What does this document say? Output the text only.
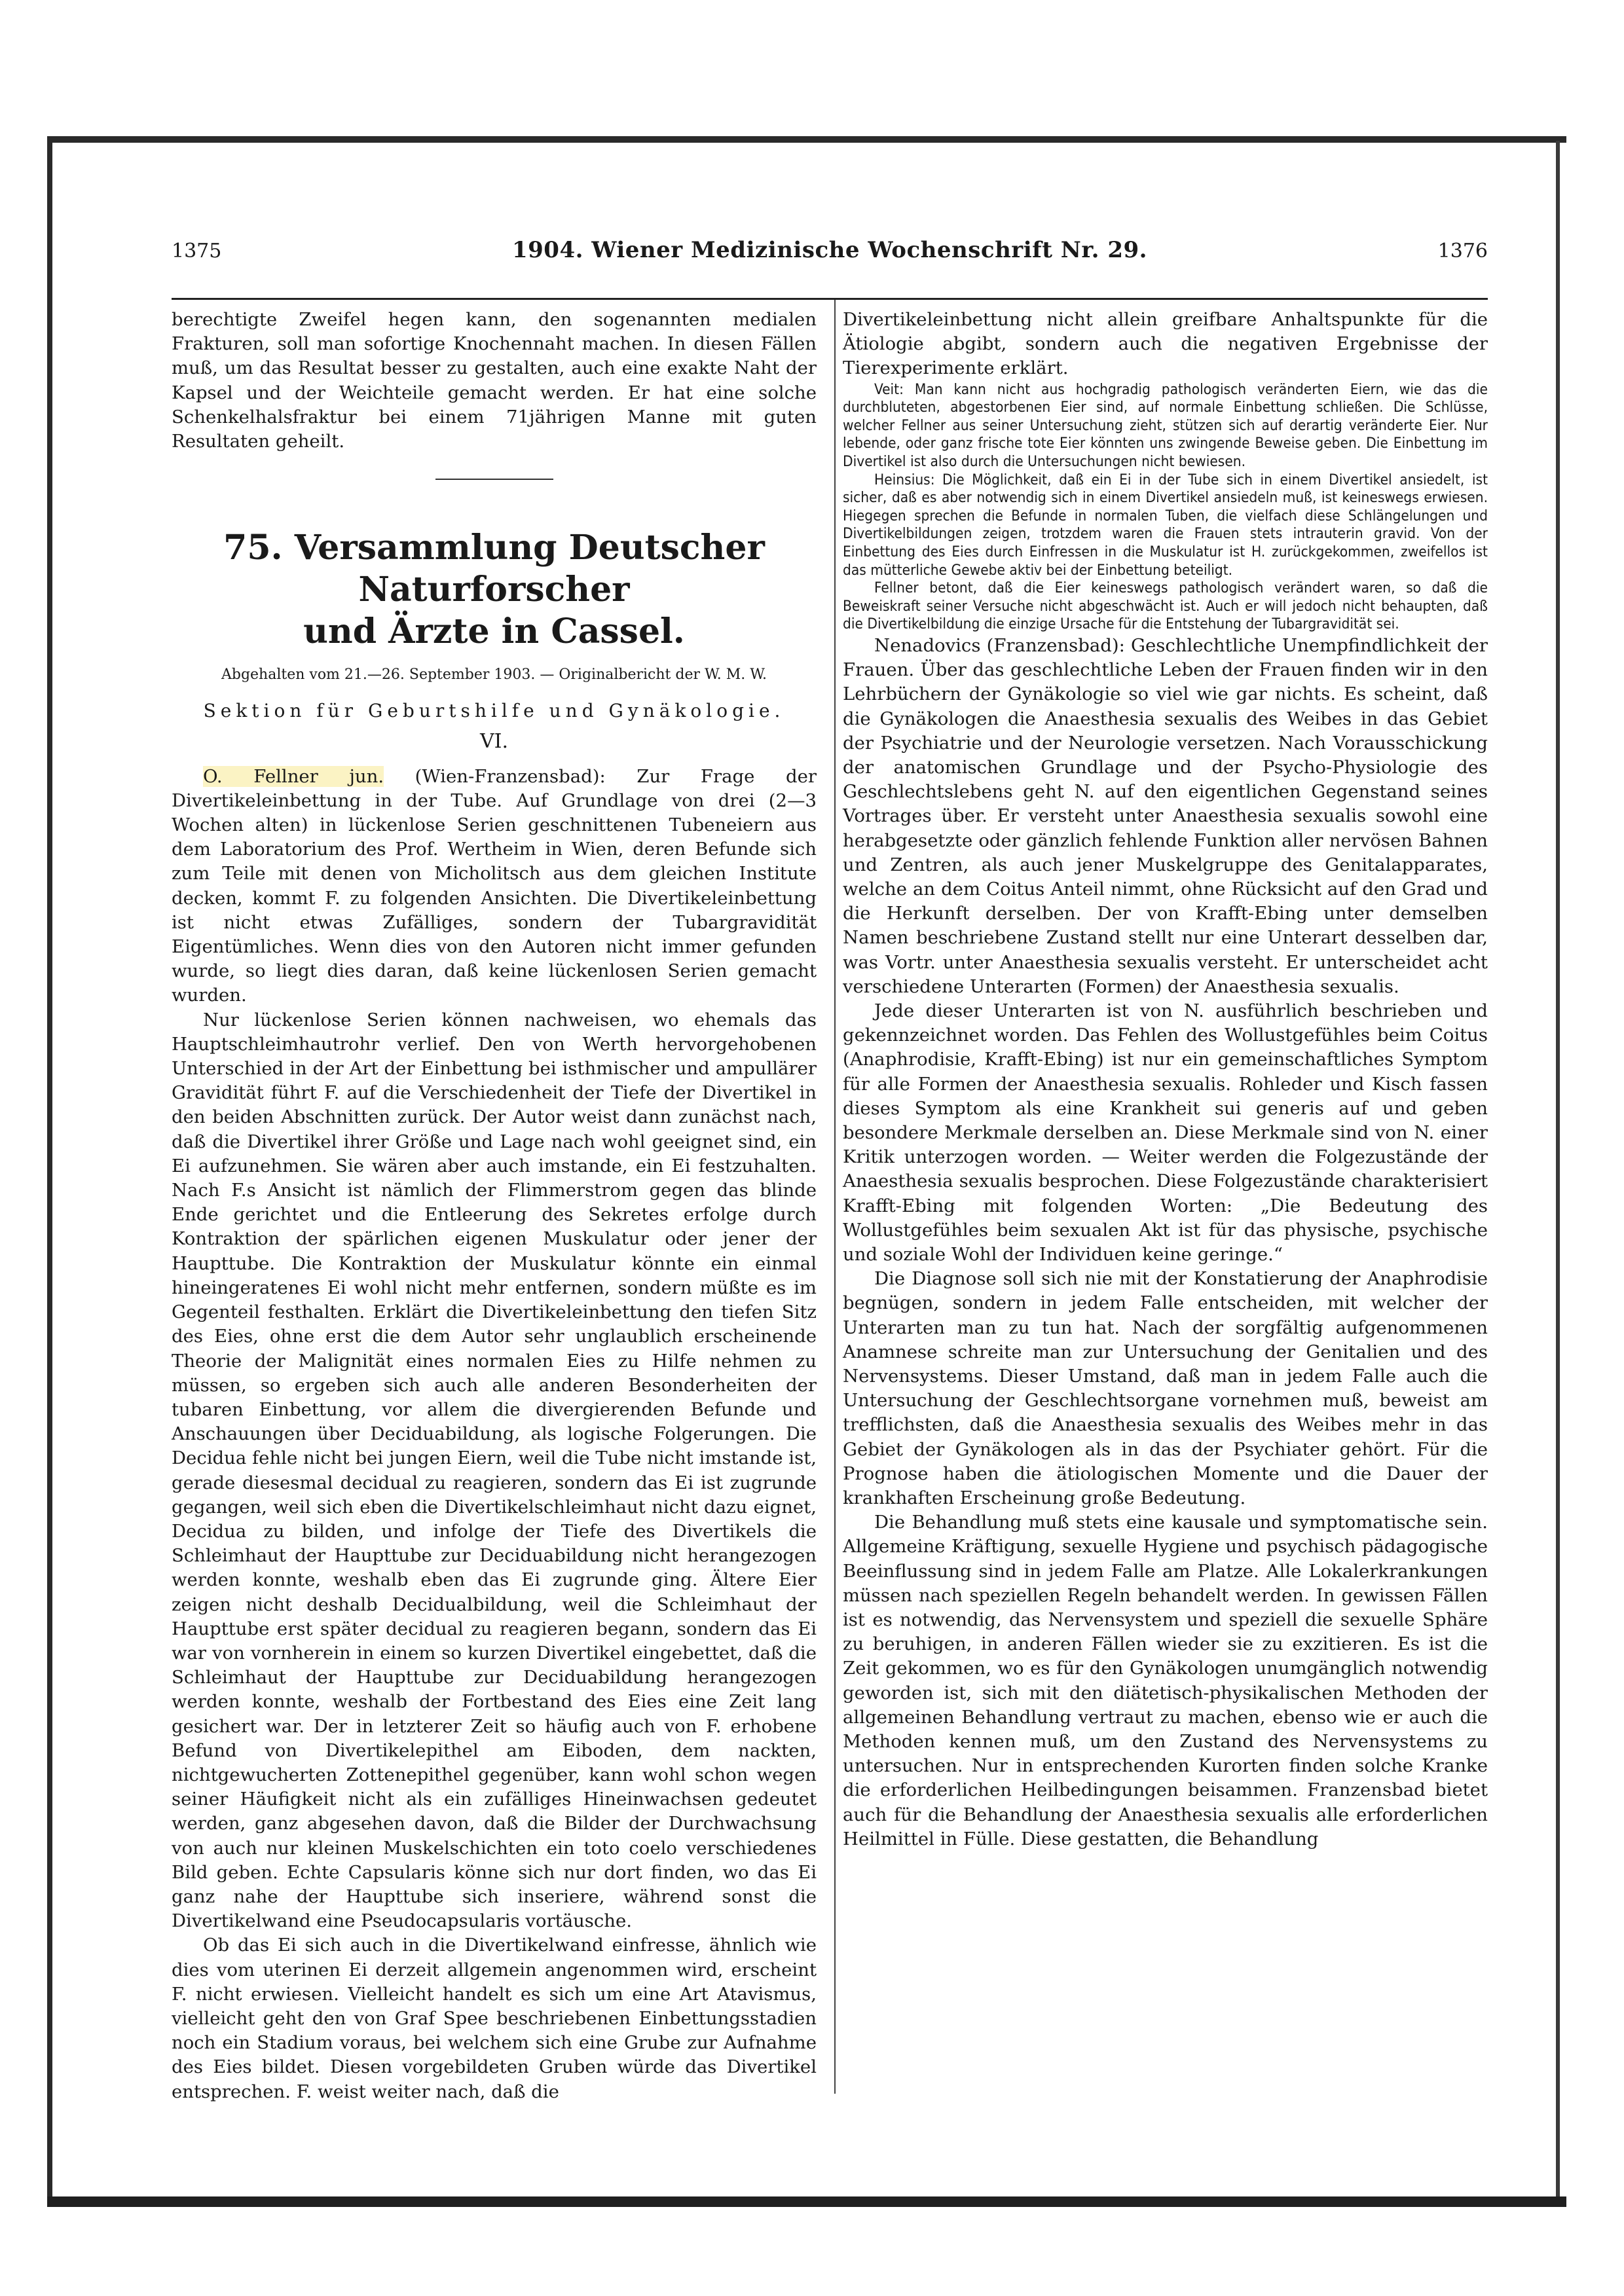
1375	1904. Wiener Medizinische Wochenschrift Nr. 29.	1376

berechtigte Zweifel hegen kann, den sogenannten medialen Frakturen, soll man sofortige Knochennaht machen. In diesen Fällen muß, um das Resultat besser zu gestalten, auch eine exakte Naht der Kapsel und der Weichteile gemacht werden. Er hat eine solche Schenkelhalsfraktur bei einem 71jährigen Manne mit guten Resultaten geheilt.

75. Versammlung Deutscher Naturforscher
und Ärzte in Cassel.
Abgehalten vom 21.—26. September 1903. — Originalbericht der W. M. W.
Sektion für Geburtshilfe und Gynäkologie.
VI.

O. Fellner jun. (Wien-Franzensbad): Zur Frage der Divertikeleinbettung in der Tube. Auf Grundlage von drei (2—3 Wochen alten) in lückenlose Serien geschnittenen Tubeneiern aus dem Laboratorium des Prof. Wertheim in Wien, deren Befunde sich zum Teile mit denen von Micholitsch aus dem gleichen Institute decken, kommt F. zu folgenden Ansichten. Die Divertikeleinbettung ist nicht etwas Zufälliges, sondern der Tubargravidität Eigentümliches. Wenn dies von den Autoren nicht immer gefunden wurde, so liegt dies daran, daß keine lückenlosen Serien gemacht wurden.

Nur lückenlose Serien können nachweisen, wo ehemals das Hauptschleimhautrohr verlief. Den von Werth hervorgehobenen Unterschied in der Art der Einbettung bei isthmischer und ampullärer Gravidität führt F. auf die Verschiedenheit der Tiefe der Divertikel in den beiden Abschnitten zurück. Der Autor weist dann zunächst nach, daß die Divertikel ihrer Größe und Lage nach wohl geeignet sind, ein Ei aufzunehmen. Sie wären aber auch imstande, ein Ei festzuhalten. Nach F.s Ansicht ist nämlich der Flimmerstrom gegen das blinde Ende gerichtet und die Entleerung des Sekretes erfolge durch Kontraktion der spärlichen eigenen Muskulatur oder jener der Haupttube. Die Kontraktion der Muskulatur könnte ein einmal hineingeratenes Ei wohl nicht mehr entfernen, sondern müßte es im Gegenteil festhalten. Erklärt die Divertikeleinbettung den tiefen Sitz des Eies, ohne erst die dem Autor sehr unglaublich erscheinende Theorie der Malignität eines normalen Eies zu Hilfe nehmen zu müssen, so ergeben sich auch alle anderen Besonderheiten der tubaren Einbettung, vor allem die divergierenden Befunde und Anschauungen über Deciduabildung, als logische Folgerungen. Die Decidua fehle nicht bei jungen Eiern, weil die Tube nicht imstande ist, gerade diesesmal decidual zu reagieren, sondern das Ei ist zugrunde gegangen, weil sich eben die Divertikelschleimhaut nicht dazu eignet, Decidua zu bilden, und infolge der Tiefe des Divertikels die Schleimhaut der Haupttube zur Deciduabildung nicht herangezogen werden konnte, weshalb eben das Ei zugrunde ging. Ältere Eier zeigen nicht deshalb Decidualbildung, weil die Schleimhaut der Haupttube erst später decidual zu reagieren begann, sondern das Ei war von vornherein in einem so kurzen Divertikel eingebettet, daß die Schleimhaut der Haupttube zur Deciduabildung herangezogen werden konnte, weshalb der Fortbestand des Eies eine Zeit lang gesichert war. Der in letzterer Zeit so häufig auch von F. erhobene Befund von Divertikelepithel am Eiboden, dem nackten, nichtgewucherten Zottenepithel gegenüber, kann wohl schon wegen seiner Häufigkeit nicht als ein zufälliges Hineinwachsen gedeutet werden, ganz abgesehen davon, daß die Bilder der Durchwachsung von auch nur kleinen Muskelschichten ein toto coelo verschiedenes Bild geben. Echte Capsularis könne sich nur dort finden, wo das Ei ganz nahe der Haupttube sich inseriere, während sonst die Divertikelwand eine Pseudocapsularis vortäusche.

Ob das Ei sich auch in die Divertikelwand einfresse, ähnlich wie dies vom uterinen Ei derzeit allgemein angenommen wird, erscheint F. nicht erwiesen. Vielleicht handelt es sich um eine Art Atavismus, vielleicht geht den von Graf Spee beschriebenen Einbettungsstadien noch ein Stadium voraus, bei welchem sich eine Grube zur Aufnahme des Eies bildet. Diesen vorgebildeten Gruben würde das Divertikel entsprechen. F. weist weiter nach, daß die

Divertikeleinbettung nicht allein greifbare Anhaltspunkte für die Ätiologie abgibt, sondern auch die negativen Ergebnisse der Tierexperimente erklärt.

Veit: Man kann nicht aus hochgradig pathologisch veränderten Eiern, wie das die durchbluteten, abgestorbenen Eier sind, auf normale Einbettung schließen. Die Schlüsse, welcher Fellner aus seiner Untersuchung zieht, stützen sich auf derartig veränderte Eier. Nur lebende, oder ganz frische tote Eier könnten uns zwingende Beweise geben. Die Einbettung im Divertikel ist also durch die Untersuchungen nicht bewiesen.

Heinsius: Die Möglichkeit, daß ein Ei in der Tube sich in einem Divertikel ansiedelt, ist sicher, daß es aber notwendig sich in einem Divertikel ansiedeln muß, ist keineswegs erwiesen. Hiegegen sprechen die Befunde in normalen Tuben, die vielfach diese Schlängelungen und Divertikelbildungen zeigen, trotzdem waren die Frauen stets intrauterin gravid. Von der Einbettung des Eies durch Einfressen in die Muskulatur ist H. zurückgekommen, zweifellos ist das mütterliche Gewebe aktiv bei der Einbettung beteiligt.

Fellner betont, daß die Eier keineswegs pathologisch verändert waren, so daß die Beweiskraft seiner Versuche nicht abgeschwächt ist. Auch er will jedoch nicht behaupten, daß die Divertikelbildung die einzige Ursache für die Entstehung der Tubargravidität sei.

Nenadovics (Franzensbad): Geschlechtliche Unempfindlichkeit der Frauen. Über das geschlechtliche Leben der Frauen finden wir in den Lehrbüchern der Gynäkologie so viel wie gar nichts. Es scheint, daß die Gynäkologen die Anaesthesia sexualis des Weibes in das Gebiet der Psychiatrie und der Neurologie versetzen. Nach Vorausschickung der anatomischen Grundlage und der Psycho-Physiologie des Geschlechtslebens geht N. auf den eigentlichen Gegenstand seines Vortrages über. Er versteht unter Anaesthesia sexualis sowohl eine herabgesetzte oder gänzlich fehlende Funktion aller nervösen Bahnen und Zentren, als auch jener Muskelgruppe des Genitalapparates, welche an dem Coitus Anteil nimmt, ohne Rücksicht auf den Grad und die Herkunft derselben. Der von Krafft-Ebing unter demselben Namen beschriebene Zustand stellt nur eine Unterart desselben dar, was Vortr. unter Anaesthesia sexualis versteht. Er unterscheidet acht verschiedene Unterarten (Formen) der Anaesthesia sexualis.

Jede dieser Unterarten ist von N. ausführlich beschrieben und gekennzeichnet worden. Das Fehlen des Wollustgefühles beim Coitus (Anaphrodisie, Krafft-Ebing) ist nur ein gemeinschaftliches Symptom für alle Formen der Anaesthesia sexualis. Rohleder und Kisch fassen dieses Symptom als eine Krankheit sui generis auf und geben besondere Merkmale derselben an. Diese Merkmale sind von N. einer Kritik unterzogen worden. — Weiter werden die Folgezustände der Anaesthesia sexualis besprochen. Diese Folgezustände charakterisiert Krafft-Ebing mit folgenden Worten: „Die Bedeutung des Wollustgefühles beim sexualen Akt ist für das physische, psychische und soziale Wohl der Individuen keine geringe.“

Die Diagnose soll sich nie mit der Konstatierung der Anaphrodisie begnügen, sondern in jedem Falle entscheiden, mit welcher der Unterarten man zu tun hat. Nach der sorgfältig aufgenommenen Anamnese schreite man zur Untersuchung der Genitalien und des Nervensystems. Dieser Umstand, daß man in jedem Falle auch die Untersuchung der Geschlechtsorgane vornehmen muß, beweist am trefflichsten, daß die Anaesthesia sexualis des Weibes mehr in das Gebiet der Gynäkologen als in das der Psychiater gehört. Für die Prognose haben die ätiologischen Momente und die Dauer der krankhaften Erscheinung große Bedeutung.

Die Behandlung muß stets eine kausale und symptomatische sein. Allgemeine Kräftigung, sexuelle Hygiene und psychisch pädagogische Beeinflussung sind in jedem Falle am Platze. Alle Lokalerkrankungen müssen nach speziellen Regeln behandelt werden. In gewissen Fällen ist es notwendig, das Nervensystem und speziell die sexuelle Sphäre zu beruhigen, in anderen Fällen wieder sie zu exzitieren. Es ist die Zeit gekommen, wo es für den Gynäkologen unumgänglich notwendig geworden ist, sich mit den diätetisch-physikalischen Methoden der allgemeinen Behandlung vertraut zu machen, ebenso wie er auch die Methoden kennen muß, um den Zustand des Nervensystems zu untersuchen. Nur in entsprechenden Kurorten finden solche Kranke die erforderlichen Heilbedingungen beisammen. Franzensbad bietet auch für die Behandlung der Anaesthesia sexualis alle erforderlichen Heilmittel in Fülle. Diese gestatten, die Behandlung
